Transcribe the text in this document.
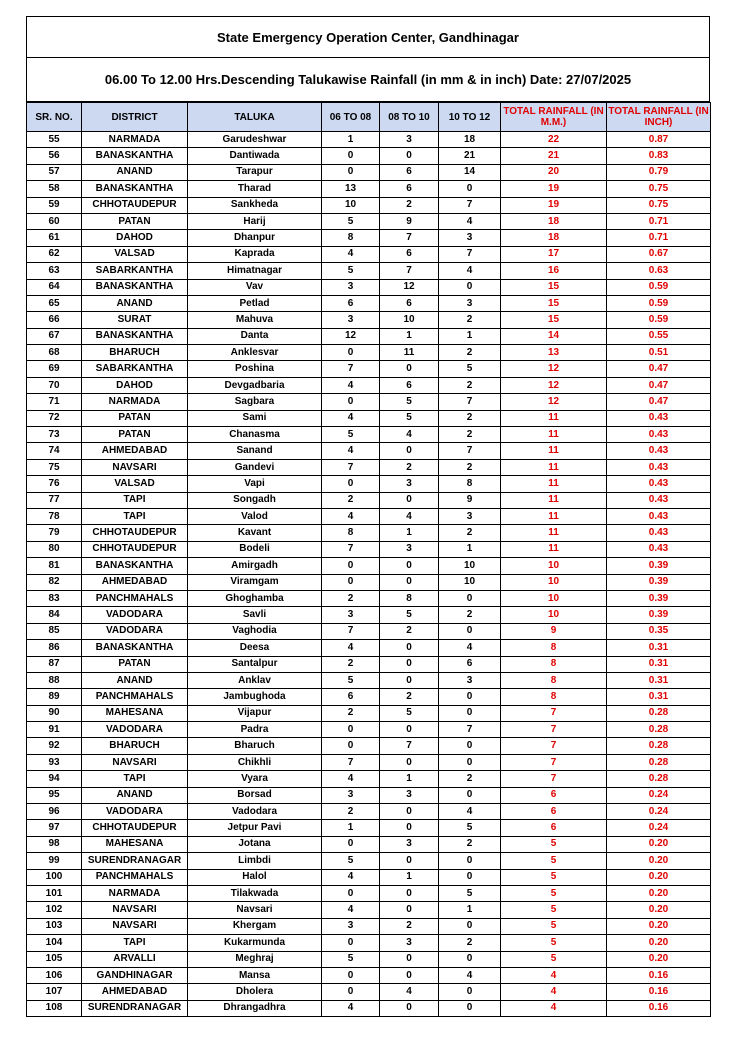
State Emergency Operation Center, Gandhinagar
06.00 To 12.00 Hrs.Descending Talukawise Rainfall (in mm & in inch) Date: 27/07/2025
SR. NO.	DISTRICT	TALUKA	06 TO 08	08 TO 10	10 TO 12	TOTAL RAINFALL (IN M.M.)	TOTAL RAINFALL (IN INCH)
55	NARMADA	Garudeshwar	1	3	18	22	0.87
56	BANASKANTHA	Dantiwada	0	0	21	21	0.83
57	ANAND	Tarapur	0	6	14	20	0.79
58	BANASKANTHA	Tharad	13	6	0	19	0.75
59	CHHOTAUDEPUR	Sankheda	10	2	7	19	0.75
60	PATAN	Harij	5	9	4	18	0.71
61	DAHOD	Dhanpur	8	7	3	18	0.71
62	VALSAD	Kaprada	4	6	7	17	0.67
63	SABARKANTHA	Himatnagar	5	7	4	16	0.63
64	BANASKANTHA	Vav	3	12	0	15	0.59
65	ANAND	Petlad	6	6	3	15	0.59
66	SURAT	Mahuva	3	10	2	15	0.59
67	BANASKANTHA	Danta	12	1	1	14	0.55
68	BHARUCH	Anklesvar	0	11	2	13	0.51
69	SABARKANTHA	Poshina	7	0	5	12	0.47
70	DAHOD	Devgadbaria	4	6	2	12	0.47
71	NARMADA	Sagbara	0	5	7	12	0.47
72	PATAN	Sami	4	5	2	11	0.43
73	PATAN	Chanasma	5	4	2	11	0.43
74	AHMEDABAD	Sanand	4	0	7	11	0.43
75	NAVSARI	Gandevi	7	2	2	11	0.43
76	VALSAD	Vapi	0	3	8	11	0.43
77	TAPI	Songadh	2	0	9	11	0.43
78	TAPI	Valod	4	4	3	11	0.43
79	CHHOTAUDEPUR	Kavant	8	1	2	11	0.43
80	CHHOTAUDEPUR	Bodeli	7	3	1	11	0.43
81	BANASKANTHA	Amirgadh	0	0	10	10	0.39
82	AHMEDABAD	Viramgam	0	0	10	10	0.39
83	PANCHMAHALS	Ghoghamba	2	8	0	10	0.39
84	VADODARA	Savli	3	5	2	10	0.39
85	VADODARA	Vaghodia	7	2	0	9	0.35
86	BANASKANTHA	Deesa	4	0	4	8	0.31
87	PATAN	Santalpur	2	0	6	8	0.31
88	ANAND	Anklav	5	0	3	8	0.31
89	PANCHMAHALS	Jambughoda	6	2	0	8	0.31
90	MAHESANA	Vijapur	2	5	0	7	0.28
91	VADODARA	Padra	0	0	7	7	0.28
92	BHARUCH	Bharuch	0	7	0	7	0.28
93	NAVSARI	Chikhli	7	0	0	7	0.28
94	TAPI	Vyara	4	1	2	7	0.28
95	ANAND	Borsad	3	3	0	6	0.24
96	VADODARA	Vadodara	2	0	4	6	0.24
97	CHHOTAUDEPUR	Jetpur Pavi	1	0	5	6	0.24
98	MAHESANA	Jotana	0	3	2	5	0.20
99	SURENDRANAGAR	Limbdi	5	0	0	5	0.20
100	PANCHMAHALS	Halol	4	1	0	5	0.20
101	NARMADA	Tilakwada	0	0	5	5	0.20
102	NAVSARI	Navsari	4	0	1	5	0.20
103	NAVSARI	Khergam	3	2	0	5	0.20
104	TAPI	Kukarmunda	0	3	2	5	0.20
105	ARVALLI	Meghraj	5	0	0	5	0.20
106	GANDHINAGAR	Mansa	0	0	4	4	0.16
107	AHMEDABAD	Dholera	0	4	0	4	0.16
108	SURENDRANAGAR	Dhrangadhra	4	0	0	4	0.16
